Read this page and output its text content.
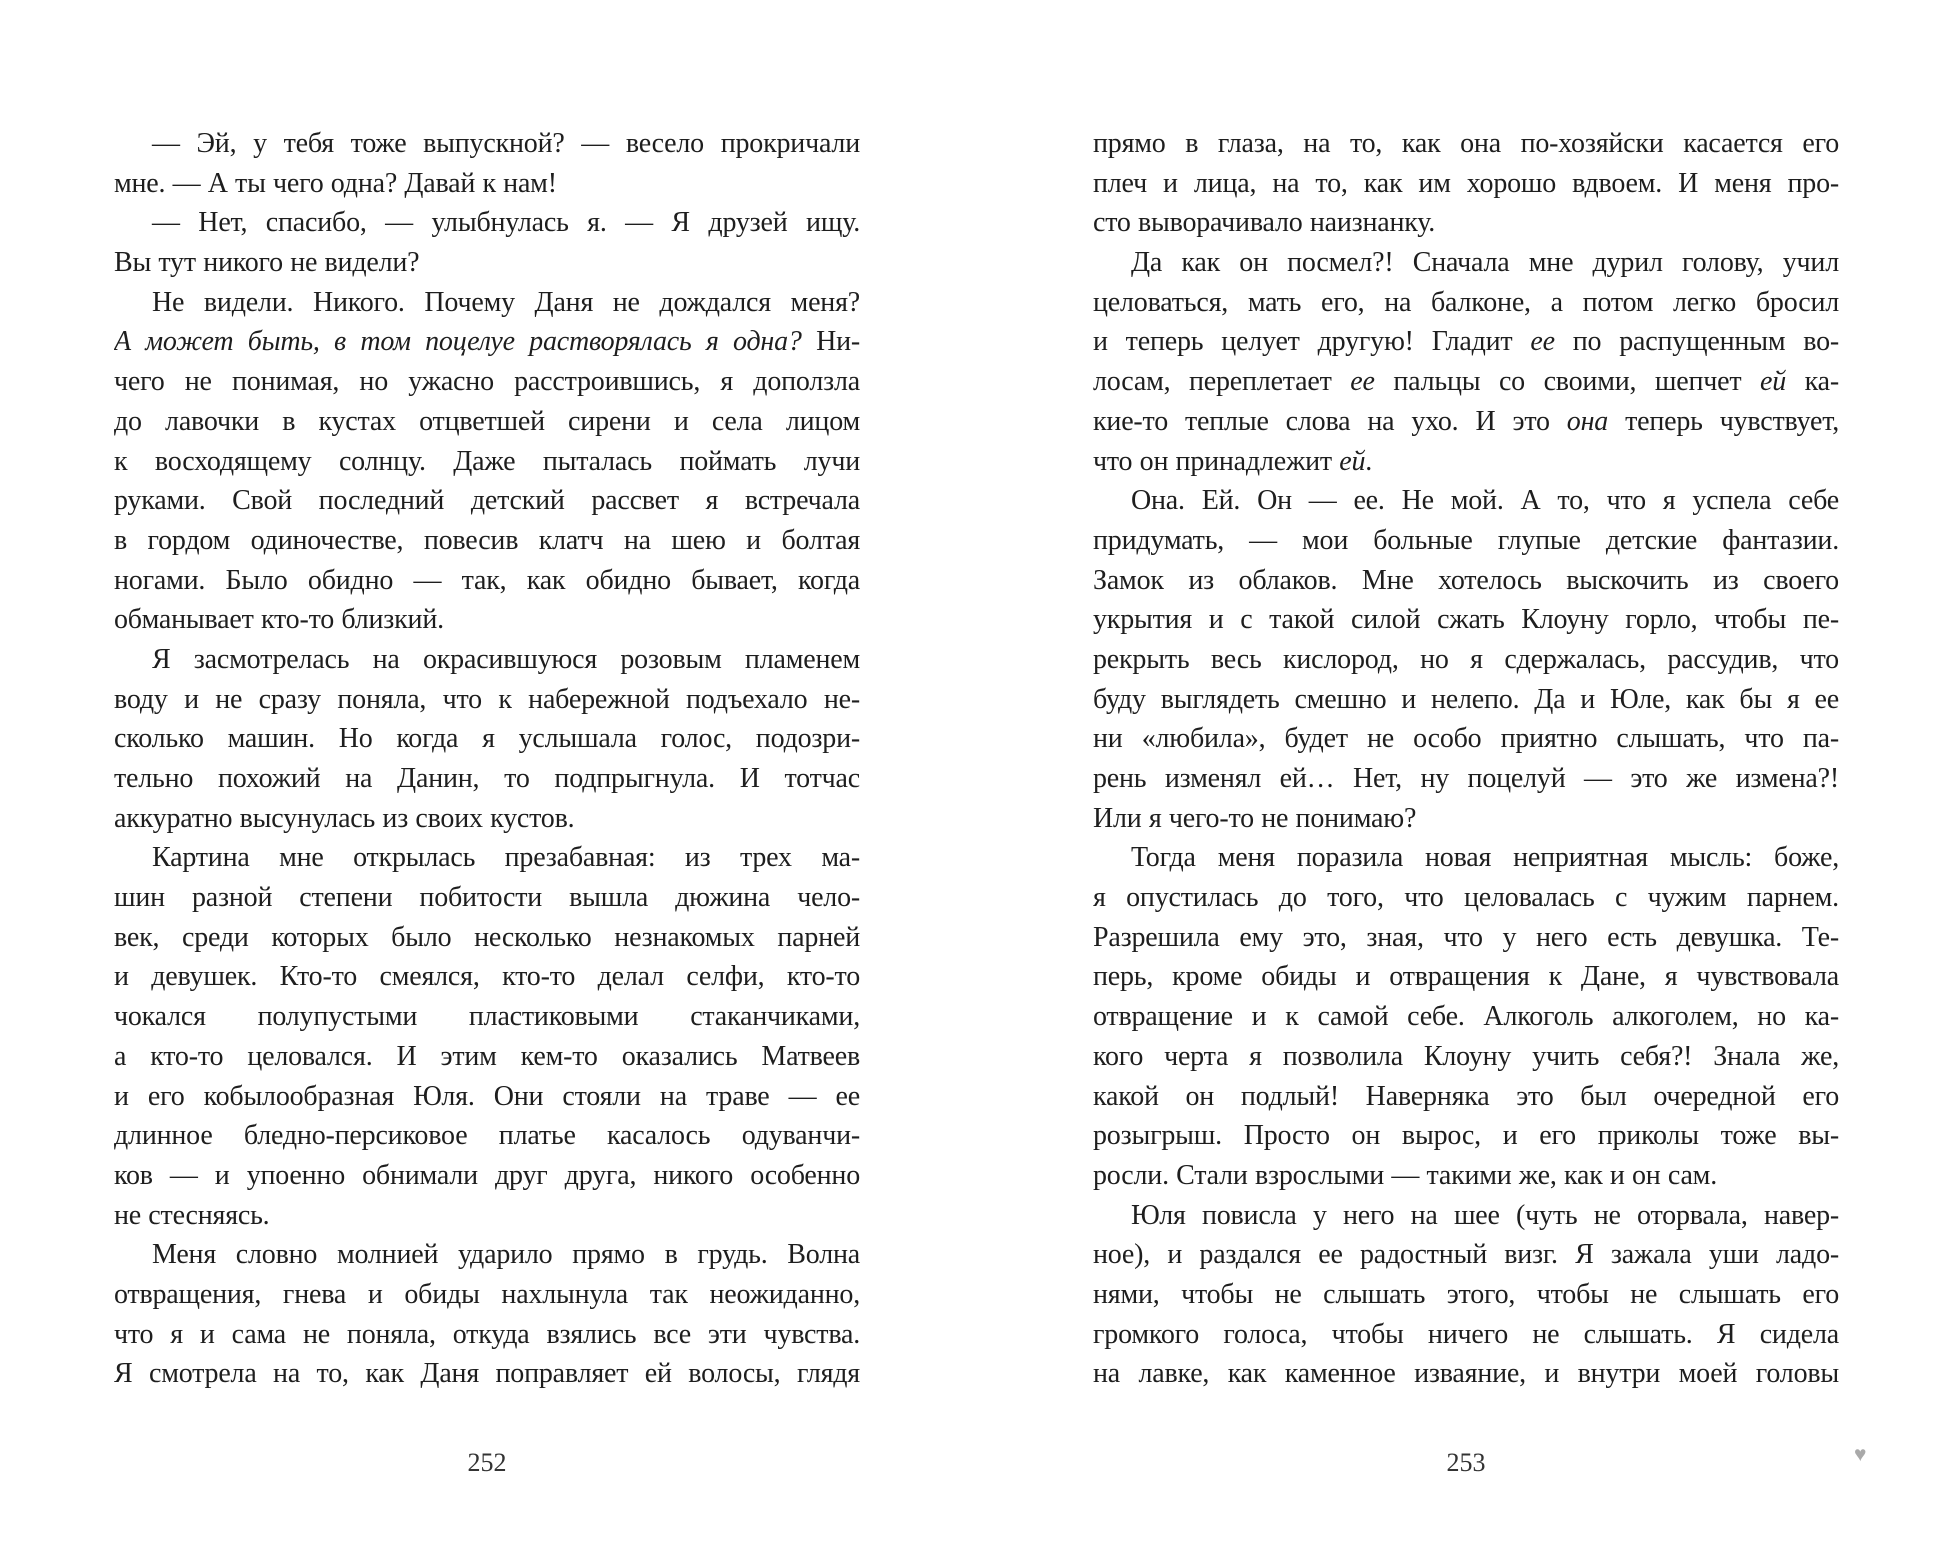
— Эй, у тебя тоже выпускной? — весело прокричали
мне. — А ты чего одна? Давай к нам!
— Нет, спасибо, — улыбнулась я. — Я друзей ищу.
Вы тут никого не видели?
Не видели. Никого. Почему Даня не дождался меня?
А может быть, в том поцелуе растворялась я одна? Ни-
чего не понимая, но ужасно расстроившись, я доползла
до лавочки в кустах отцветшей сирени и села лицом
к восходящему солнцу. Даже пыталась поймать лучи
руками. Свой последний детский рассвет я встречала
в гордом одиночестве, повесив клатч на шею и болтая
ногами. Было обидно — так, как обидно бывает, когда
обманывает кто-то близкий.
Я засмотрелась на окрасившуюся розовым пламенем
воду и не сразу поняла, что к набережной подъехало не-
сколько машин. Но когда я услышала голос, подозри-
тельно похожий на Данин, то подпрыгнула. И тотчас
аккуратно высунулась из своих кустов.
Картина мне открылась презабавная: из трех ма-
шин разной степени побитости вышла дюжина чело-
век, среди которых было несколько незнакомых парней
и девушек. Кто-то смеялся, кто-то делал селфи, кто-то
чокался полупустыми пластиковыми стаканчиками,
а кто-то целовался. И этим кем-то оказались Матвеев
и его кобылообразная Юля. Они стояли на траве — ее
длинное бледно-персиковое платье касалось одуванчи-
ков — и упоенно обнимали друг друга, никого особенно
не стесняясь.
Меня словно молнией ударило прямо в грудь. Волна
отвращения, гнева и обиды нахлынула так неожиданно,
что я и сама не поняла, откуда взялись все эти чувства.
Я смотрела на то, как Даня поправляет ей волосы, глядя
прямо в глаза, на то, как она по-хозяйски касается его
плеч и лица, на то, как им хорошо вдвоем. И меня про-
сто выворачивало наизнанку.
Да как он посмел?! Сначала мне дурил голову, учил
целоваться, мать его, на балконе, а потом легко бросил
и теперь целует другую! Гладит ее по распущенным во-
лосам, переплетает ее пальцы со своими, шепчет ей ка-
кие-то теплые слова на ухо. И это она теперь чувствует,
что он принадлежит ей.
Она. Ей. Он — ее. Не мой. А то, что я успела себе
придумать, — мои больные глупые детские фантазии.
Замок из облаков. Мне хотелось выскочить из своего
укрытия и с такой силой сжать Клоуну горло, чтобы пе-
рекрыть весь кислород, но я сдержалась, рассудив, что
буду выглядеть смешно и нелепо. Да и Юле, как бы я ее
ни «любила», будет не особо приятно слышать, что па-
рень изменял ей… Нет, ну поцелуй — это же измена?!
Или я чего-то не понимаю?
Тогда меня поразила новая неприятная мысль: боже,
я опустилась до того, что целовалась с чужим парнем.
Разрешила ему это, зная, что у него есть девушка. Те-
перь, кроме обиды и отвращения к Дане, я чувствовала
отвращение и к самой себе. Алкоголь алкоголем, но ка-
кого черта я позволила Клоуну учить себя?! Знала же,
какой он подлый! Наверняка это был очередной его
розыгрыш. Просто он вырос, и его приколы тоже вы-
росли. Стали взрослыми — такими же, как и он сам.
Юля повисла у него на шее (чуть не оторвала, навер-
ное), и раздался ее радостный визг. Я зажала уши ладо-
нями, чтобы не слышать этого, чтобы не слышать его
громкого голоса, чтобы ничего не слышать. Я сидела
на лавке, как каменное изваяние, и внутри моей головы
252	253	♥
